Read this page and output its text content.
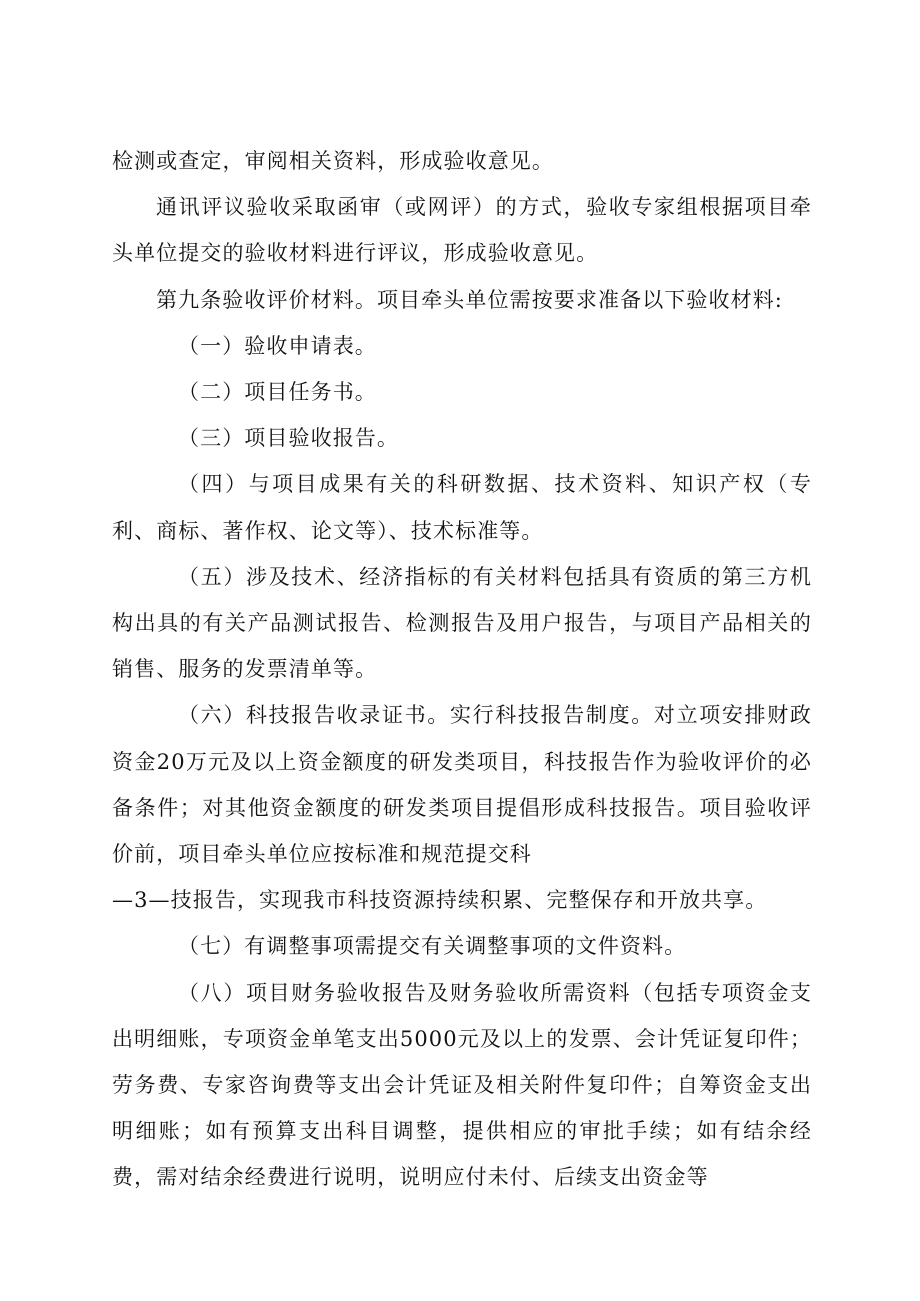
检测或查定，审阅相关资料，形成验收意见。

通讯评议验收采取函审（或网评）的方式，验收专家组根据项目牵头单位提交的验收材料进行评议，形成验收意见。

第九条验收评价材料。项目牵头单位需按要求准备以下验收材料:

（一）验收申请表。

（二）项目任务书。

（三）项目验收报告。

（四）与项目成果有关的科研数据、技术资料、知识产权（专利、商标、著作权、论文等）、技术标准等。

（五）涉及技术、经济指标的有关材料包括具有资质的第三方机构出具的有关产品测试报告、检测报告及用户报告，与项目产品相关的销售、服务的发票清单等。

（六）科技报告收录证书。实行科技报告制度。对立项安排财政资金20万元及以上资金额度的研发类项目，科技报告作为验收评价的必备条件；对其他资金额度的研发类项目提倡形成科技报告。项目验收评价前，项目牵头单位应按标准和规范提交科

—3—技报告，实现我市科技资源持续积累、完整保存和开放共享。

（七）有调整事项需提交有关调整事项的文件资料。

（八）项目财务验收报告及财务验收所需资料（包括专项资金支出明细账，专项资金单笔支出5000元及以上的发票、会计凭证复印件；劳务费、专家咨询费等支出会计凭证及相关附件复印件；自筹资金支出明细账；如有预算支出科目调整，提供相应的审批手续；如有结余经费，需对结余经费进行说明，说明应付未付、后续支出资金等
